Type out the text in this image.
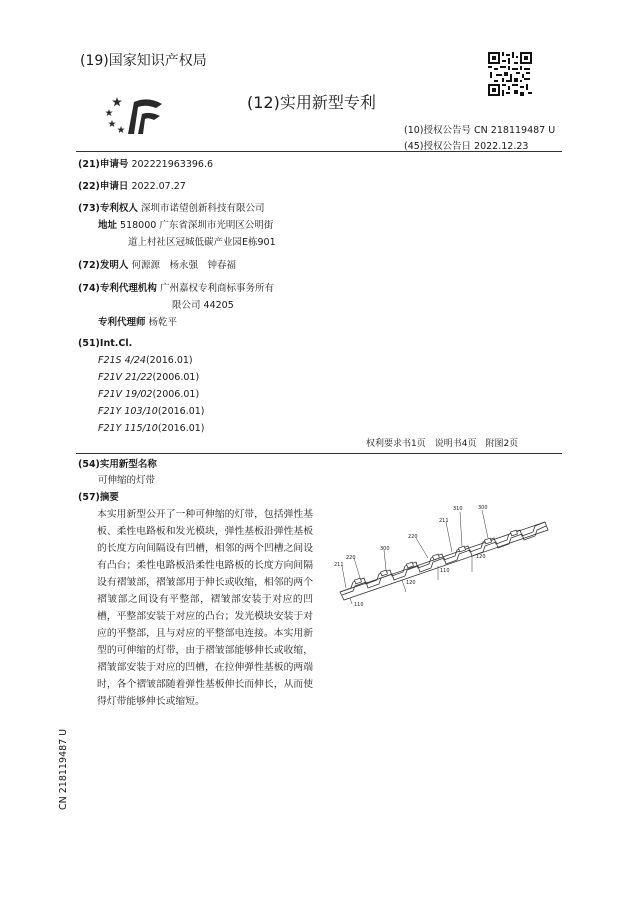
(19)国家知识产权局
(12)实用新型专利
(10)授权公告号 CN 218119487 U
(45)授权公告日 2022.12.23
(21)申请号 202221963396.6
(22)申请日 2022.07.27
(73)专利权人 深圳市诺望创新科技有限公司
地址 518000 广东省深圳市光明区公明街
道上村社区冠城低碳产业园E栋901
(72)发明人 何源源　杨永强　钟春福
(74)专利代理机构 广州嘉权专利商标事务所有
限公司 44205
专利代理师 杨乾平
(51)Int.Cl.
F21S 4/24(2016.01)
F21V 21/22(2006.01)
F21V 19/02(2006.01)
F21Y 103/10(2016.01)
F21Y 115/10(2016.01)
权利要求书1页　说明书4页　附图2页
(54)实用新型名称
可伸缩的灯带
(57)摘要
本实用新型公开了一种可伸缩的灯带，包括弹性基板、柔性电路板和发光模块，弹性基板沿弹性基板的长度方向间隔设有凹槽，相邻的两个凹槽之间设有凸台；柔性电路板沿柔性电路板的长度方向间隔设有褶皱部，褶皱部用于伸长或收缩，相邻的两个褶皱部之间设有平整部，褶皱部安装于对应的凹槽，平整部安装于对应的凸台；发光模块安装于对应的平整部，且与对应的平整部电连接。本实用新型的可伸缩的灯带，由于褶皱部能够伸长或收缩，褶皱部安装于对应的凹槽，在拉伸弹性基板的两端时，各个褶皱部随着弹性基板伸长而伸长，从而使得灯带能够伸长或缩短。
310	300
211
220
300
220
211
120
110
120
110
CN 218119487 U
